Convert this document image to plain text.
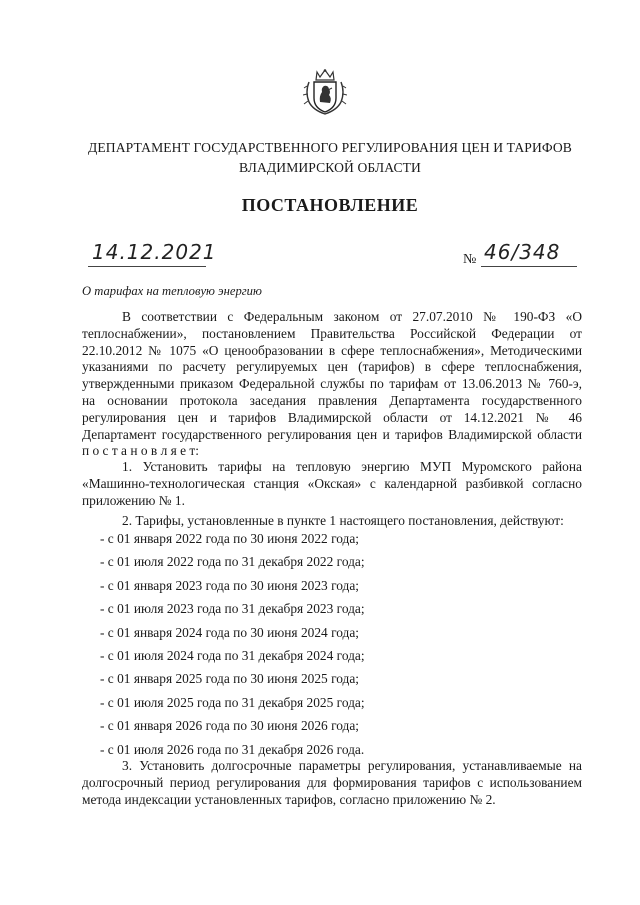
ДЕПАРТАМЕНТ ГОСУДАРСТВЕННОГО РЕГУЛИРОВАНИЯ ЦЕН И ТАРИФОВ
ВЛАДИМИРСКОЙ ОБЛАСТИ
ПОСТАНОВЛЕНИЕ
14.12.2021	№ 46/348
О тарифах на тепловую энергию
В соответствии с Федеральным законом от 27.07.2010 № 190-ФЗ «О
теплоснабжении», постановлением Правительства Российской Федерации от
22.10.2012 № 1075 «О ценообразовании в сфере теплоснабжения», Методическими
указаниями по расчету регулируемых цен (тарифов) в сфере теплоснабжения,
утвержденными приказом Федеральной службы по тарифам от 13.06.2013 № 760-э,
на основании протокола заседания правления Департамента государственного
регулирования цен и тарифов Владимирской области от 14.12.2021 № 46
Департамент государственного регулирования цен и тарифов Владимирской области
п о с т а н о в л я е т:
1. Установить тарифы на тепловую энергию МУП Муромского района
«Машинно-технологическая станция «Окская» с календарной разбивкой согласно
приложению № 1.
2. Тарифы, установленные в пункте 1 настоящего постановления, действуют:
- с 01 января 2022 года по 30 июня 2022 года;
- с 01 июля 2022 года по 31 декабря 2022 года;
- с 01 января 2023 года по 30 июня 2023 года;
- с 01 июля 2023 года по 31 декабря 2023 года;
- с 01 января 2024 года по 30 июня 2024 года;
- с 01 июля 2024 года по 31 декабря 2024 года;
- с 01 января 2025 года по 30 июня 2025 года;
- с 01 июля 2025 года по 31 декабря 2025 года;
- с 01 января 2026 года по 30 июня 2026 года;
- с 01 июля 2026 года по 31 декабря 2026 года.
3. Установить долгосрочные параметры регулирования, устанавливаемые на
долгосрочный период регулирования для формирования тарифов с использованием
метода индексации установленных тарифов, согласно приложению № 2.
